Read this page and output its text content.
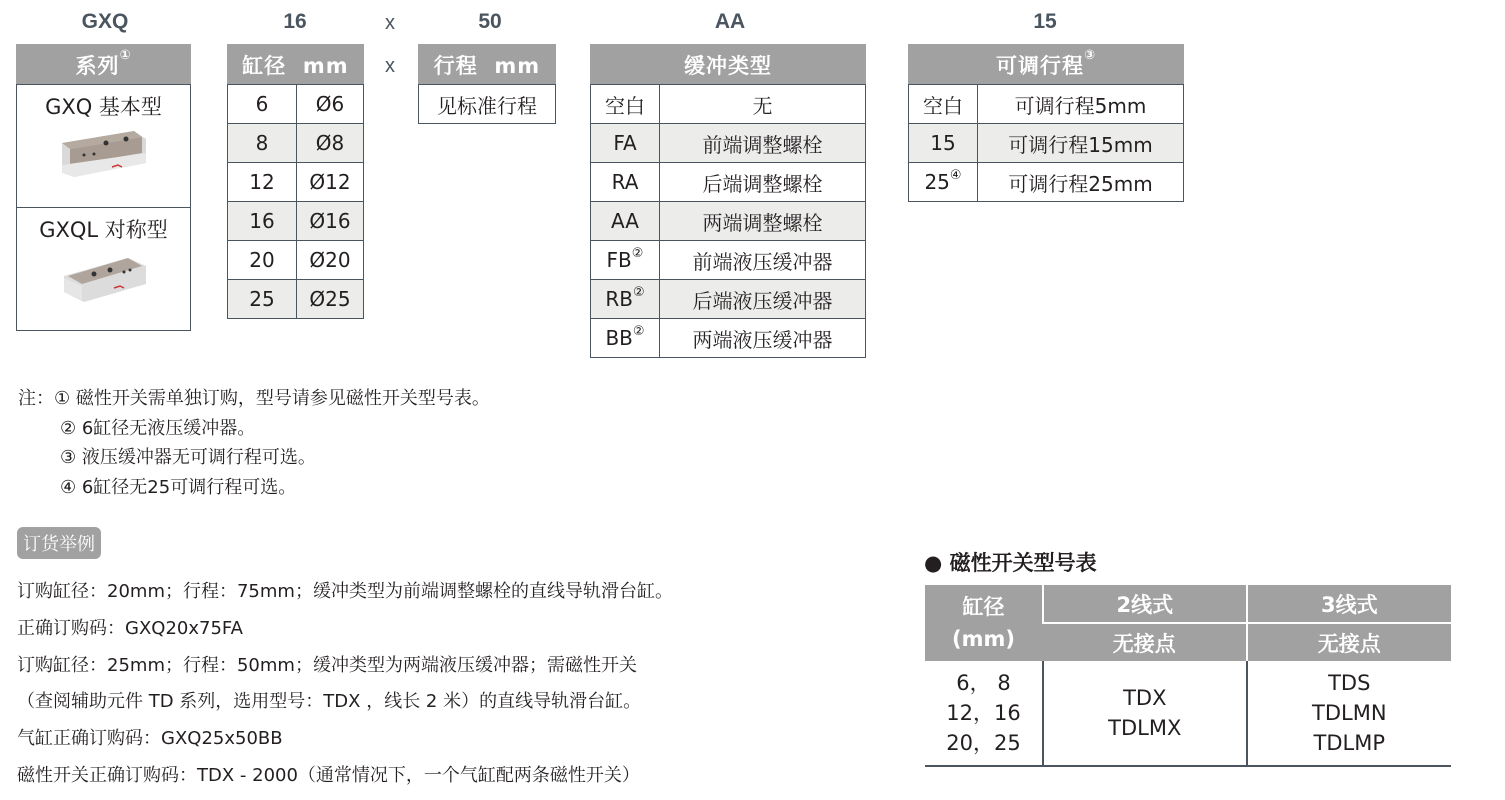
GXQ	16	x	50	AA	15
x
系列①

GXQ 基本型

GXQL 对称型
缸径 mm	
6	Ø6
8	Ø8
12	Ø12
16	Ø16
20	Ø20
25	Ø25
行程 mm
见标准行程
缓冲类型	
空白	无
FA	前端调整螺栓
RA	后端调整螺栓
AA	两端调整螺栓
FB②	前端液压缓冲器
RB②	后端液压缓冲器
BB②	两端液压缓冲器
可调行程③
空白	可调行程5mm
15	可调行程15mm
25④	可调行程25mm
注：① 磁性开关需单独订购，型号请参见磁性开关型号表。
② 6缸径无液压缓冲器。
③ 液压缓冲器无可调行程可选。
④ 6缸径无25可调行程可选。
订货举例
订购缸径：20mm；行程：75mm；缓冲类型为前端调整螺栓的直线导轨滑台缸。
正确订购码：GXQ20x75FA
订购缸径：25mm；行程：50mm；缓冲类型为两端液压缓冲器；需磁性开关
（查阅辅助元件 TD 系列，选用型号：TDX ，线长 2 米）的直线导轨滑台缸。
气缸正确订购码：GXQ25x50BB
磁性开关正确订购码：TDX - 2000（通常情况下，一个气缸配两条磁性开关）
● 磁性开关型号表
缸径
(mm)	2线式	3线式
	无接点	无接点

6， 8
12，16
20，25

TDX
TDLMX

TDS
TDLMN
TDLMP
